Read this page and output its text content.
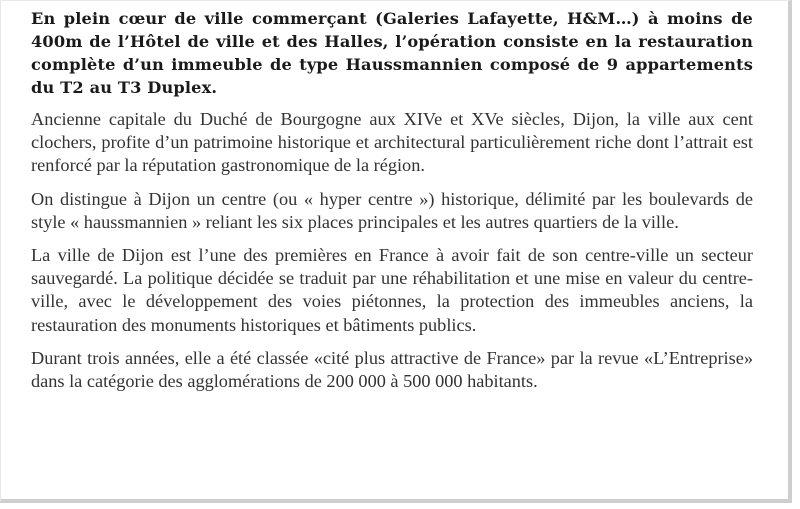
En plein cœur de ville commerçant (Galeries Lafayette, H&M…) à moins de 400m de l’Hôtel de ville et des Halles, l’opération consiste en la restauration complète d’un immeuble de type Haussmannien composé de 9 appartements du T2 au T3 Duplex.

Ancienne capitale du Duché de Bourgogne aux XIVe et XVe siècles, Dijon, la ville aux cent clochers, profite d’un patrimoine historique et architectural particulièrement riche dont l’attrait est renforcé par la réputation gastronomique de la région.

On distingue à Dijon un centre (ou « hyper centre ») historique, délimité par les boulevards de style « haussmannien » reliant les six places principales et les autres quartiers de la ville.

La ville de Dijon est l’une des premières en France à avoir fait de son centre-ville un secteur sauvegardé. La politique décidée se traduit par une réhabilitation et une mise en valeur du centre-ville, avec le développement des voies piétonnes, la protection des immeubles anciens, la restauration des monuments historiques et bâtiments publics.

Durant trois années, elle a été classée «cité plus attractive de France» par la revue «L’Entreprise» dans la catégorie des agglomérations de 200 000 à 500 000 habitants.
